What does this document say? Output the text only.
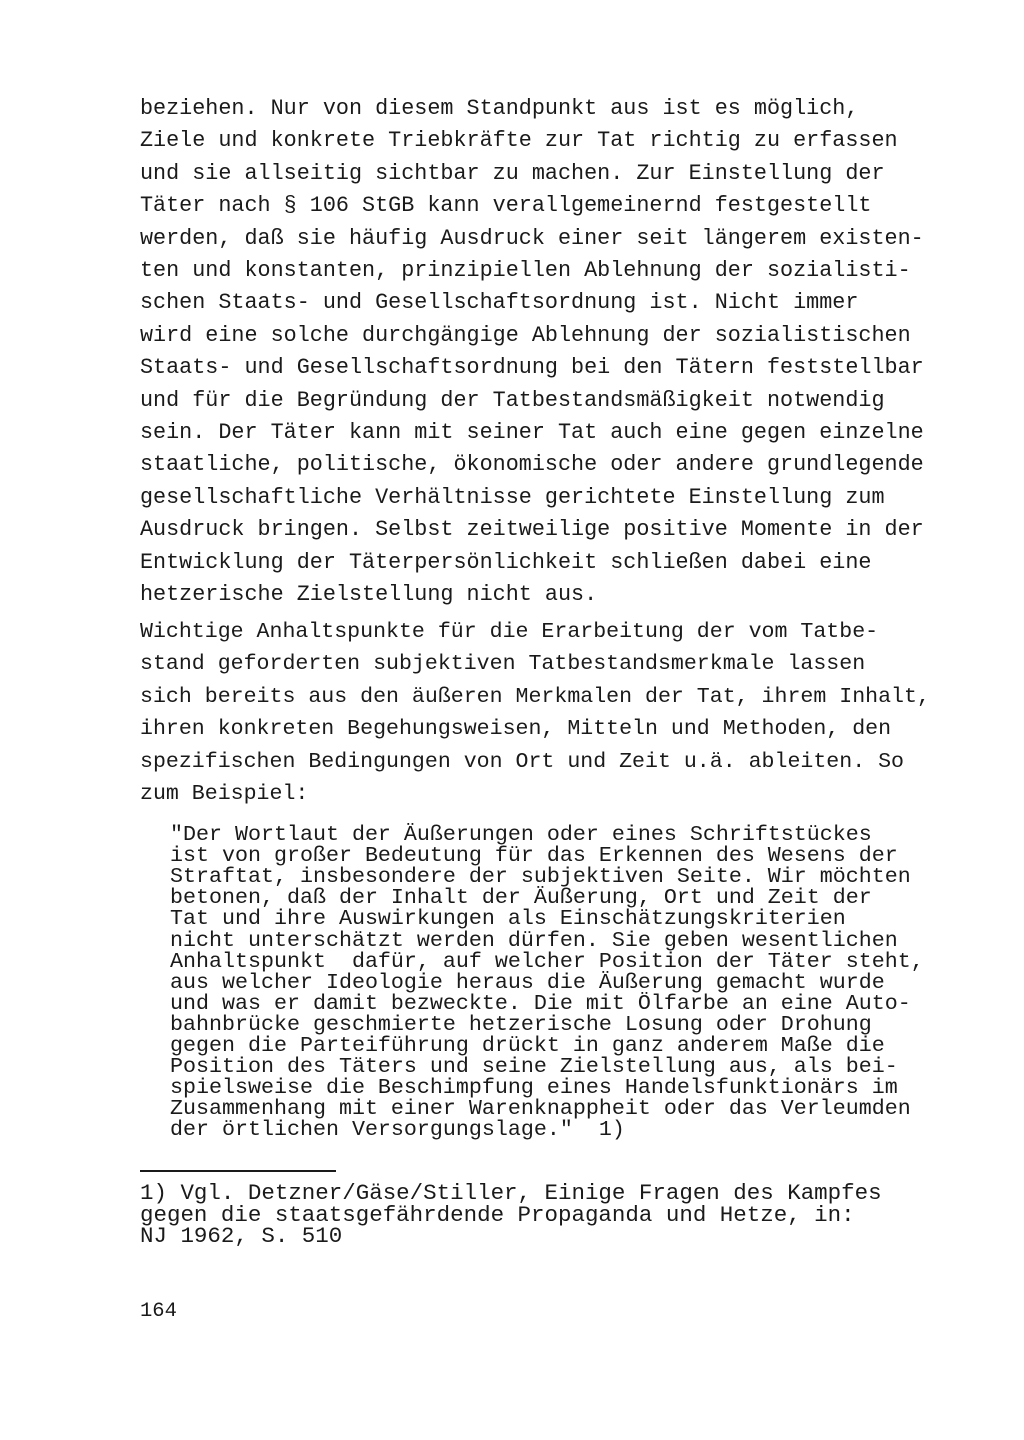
beziehen. Nur von diesem Standpunkt aus ist es möglich,
Ziele und konkrete Triebkräfte zur Tat richtig zu erfassen
und sie allseitig sichtbar zu machen. Zur Einstellung der
Täter nach § 106 StGB kann verallgemeinernd festgestellt
werden, daß sie häufig Ausdruck einer seit längerem existen-
ten und konstanten, prinzipiellen Ablehnung der sozialisti-
schen Staats- und Gesellschaftsordnung ist. Nicht immer
wird eine solche durchgängige Ablehnung der sozialistischen
Staats- und Gesellschaftsordnung bei den Tätern feststellbar
und für die Begründung der Tatbestandsmäßigkeit notwendig
sein. Der Täter kann mit seiner Tat auch eine gegen einzelne
staatliche, politische, ökonomische oder andere grundlegende
gesellschaftliche Verhältnisse gerichtete Einstellung zum
Ausdruck bringen. Selbst zeitweilige positive Momente in der
Entwicklung der Täterpersönlichkeit schließen dabei eine
hetzerische Zielstellung nicht aus.
Wichtige Anhaltspunkte für die Erarbeitung der vom Tatbe-
stand geforderten subjektiven Tatbestandsmerkmale lassen
sich bereits aus den äußeren Merkmalen der Tat, ihrem Inhalt,
ihren konkreten Begehungsweisen, Mitteln und Methoden, den
spezifischen Bedingungen von Ort und Zeit u.ä. ableiten. So
zum Beispiel:
"Der Wortlaut der Äußerungen oder eines Schriftstückes
ist von großer Bedeutung für das Erkennen des Wesens der
Straftat, insbesondere der subjektiven Seite. Wir möchten
betonen, daß der Inhalt der Äußerung, Ort und Zeit der
Tat und ihre Auswirkungen als Einschätzungskriterien
nicht unterschätzt werden dürfen. Sie geben wesentlichen
Anhaltspunkt  dafür, auf welcher Position der Täter steht,
aus welcher Ideologie heraus die Äußerung gemacht wurde
und was er damit bezweckte. Die mit Ölfarbe an eine Auto-
bahnbrücke geschmierte hetzerische Losung oder Drohung
gegen die Parteiführung drückt in ganz anderem Maße die
Position des Täters und seine Zielstellung aus, als bei-
spielsweise die Beschimpfung eines Handelsfunktionärs im
Zusammenhang mit einer Warenknappheit oder das Verleumden
der örtlichen Versorgungslage."  1)
1) Vgl. Detzner/Gäse/Stiller, Einige Fragen des Kampfes
gegen die staatsgefährdende Propaganda und Hetze, in:
NJ 1962, S. 510
164
